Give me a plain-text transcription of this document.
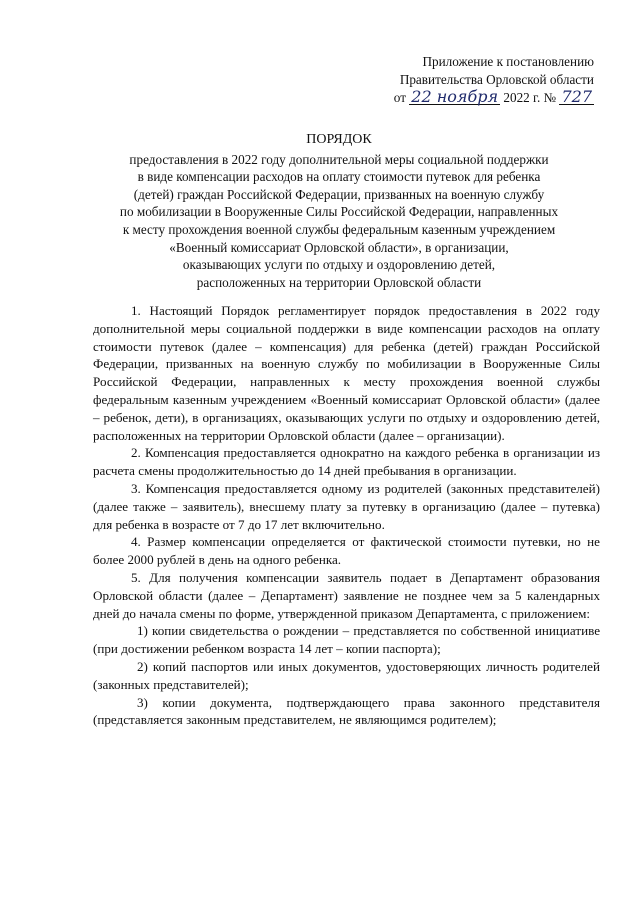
Приложение к постановлению
Правительства Орловской области
от 22 ноября 2022 г. № 727
ПОРЯДОК
предоставления в 2022 году дополнительной меры социальной поддержки
в виде компенсации расходов на оплату стоимости путевок для ребенка
(детей) граждан Российской Федерации, призванных на военную службу
по мобилизации в Вооруженные Силы Российской Федерации, направленных
к месту прохождения военной службы федеральным казенным учреждением
«Военный комиссариат Орловской области», в организации,
оказывающих услуги по отдыху и оздоровлению детей,
расположенных на территории Орловской области

1. Настоящий Порядок регламентирует порядок предоставления в 2022 году дополнительной меры социальной поддержки в виде компенсации расходов на оплату стоимости путевок (далее – компенсация) для ребенка (детей) граждан Российской Федерации, призванных на военную службу по мобилизации в Вооруженные Силы Российской Федерации, направленных к месту прохождения военной службы федеральным казенным учреждением «Военный комиссариат Орловской области» (далее – ребенок, дети), в организациях, оказывающих услуги по отдыху и оздоровлению детей, расположенных на территории Орловской области (далее – организации).

2. Компенсация предоставляется однократно на каждого ребенка в организации из расчета смены продолжительностью до 14 дней пребывания в организации.

3. Компенсация предоставляется одному из родителей (законных представителей) (далее также – заявитель), внесшему плату за путевку в организацию (далее – путевка) для ребенка в возрасте от 7 до 17 лет включительно.

4. Размер компенсации определяется от фактической стоимости путевки, но не более 2000 рублей в день на одного ребенка.

5. Для получения компенсации заявитель подает в Департамент образования Орловской области (далее – Департамент) заявление не позднее чем за 5 календарных дней до начала смены по форме, утвержденной приказом Департамента, с приложением:

1) копии свидетельства о рождении – представляется по собственной инициативе (при достижении ребенком возраста 14 лет – копии паспорта);

2) копий паспортов или иных документов, удостоверяющих личность родителей (законных представителей);

3) копии документа, подтверждающего права законного представителя (представляется законным представителем, не являющимся родителем);
